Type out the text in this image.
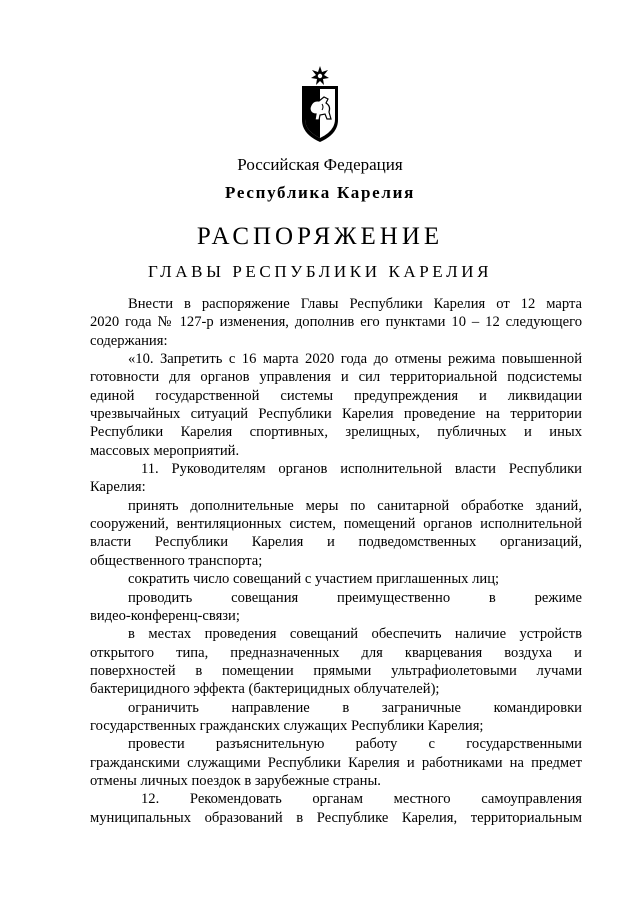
Российская Федерация
Республика Карелия
РАСПОРЯЖЕНИЕ
ГЛАВЫ РЕСПУБЛИКИ КАРЕЛИЯ
Внести в распоряжение Главы Республики Карелия от 12 марта
2020 года № 127-р изменения, дополнив его пунктами 10 – 12 следующего
содержания:
«10. Запретить с 16 марта 2020 года до отмены режима повышенной
готовности для органов управления и сил территориальной подсистемы
единой государственной системы предупреждения и ликвидации
чрезвычайных ситуаций Республики Карелия проведение на территории
Республики Карелия спортивных, зрелищных, публичных и иных
массовых мероприятий.
11. Руководителям органов исполнительной власти Республики
Карелия:
принять дополнительные меры по санитарной обработке зданий,
сооружений, вентиляционных систем, помещений органов исполнительной
власти Республики Карелия и подведомственных организаций,
общественного транспорта;
сократить число совещаний с участием приглашенных лиц;
проводить совещания преимущественно в режиме
видео-конференц-связи;
в местах проведения совещаний обеспечить наличие устройств
открытого типа, предназначенных для кварцевания воздуха и
поверхностей в помещении прямыми ультрафиолетовыми лучами
бактерицидного эффекта (бактерицидных облучателей);
ограничить направление в заграничные командировки
государственных гражданских служащих Республики Карелия;
провести разъяснительную работу с государственными
гражданскими служащими Республики Карелия и работниками на предмет
отмены личных поездок в зарубежные страны.
12. Рекомендовать органам местного самоуправления
муниципальных образований в Республике Карелия, территориальным
